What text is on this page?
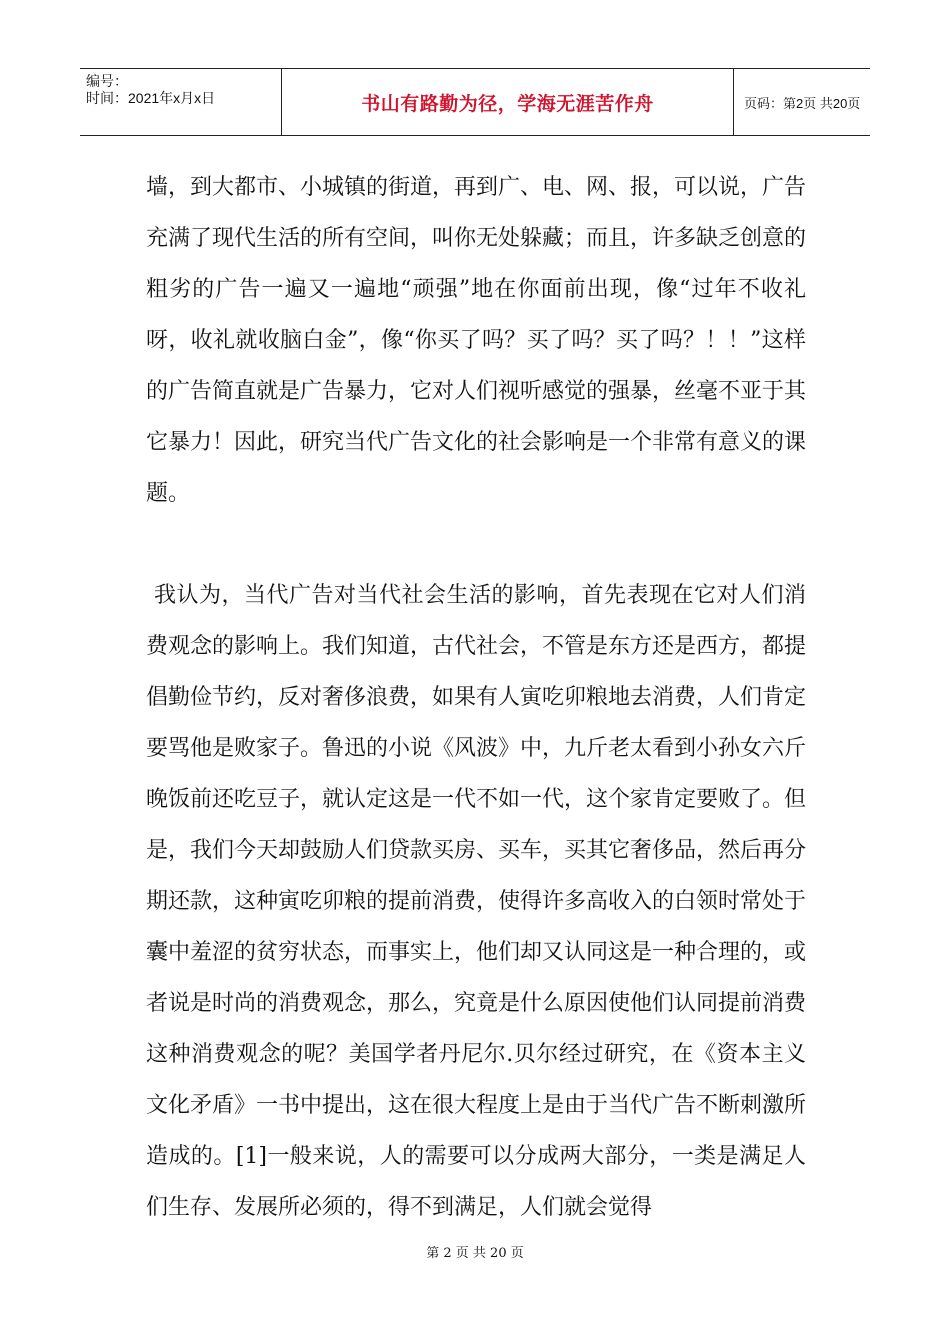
编号：
时间：2021年x月x日	书山有路勤为径，学海无涯苦作舟	页码：第2页 共20页

墙，到大都市、小城镇的街道，再到广、电、网、报，可以说，广告充满了现代生活的所有空间，叫你无处躲藏；而且，许多缺乏创意的粗劣的广告一遍又一遍地“顽强”地在你面前出现，像“过年不收礼呀，收礼就收脑白金”，像“你买了吗？买了吗？买了吗？！！”这样的广告简直就是广告暴力，它对人们视听感觉的强暴，丝毫不亚于其它暴力！因此，研究当代广告文化的社会影响是一个非常有意义的课题。

我认为，当代广告对当代社会生活的影响，首先表现在它对人们消费观念的影响上。我们知道，古代社会，不管是东方还是西方，都提倡勤俭节约，反对奢侈浪费，如果有人寅吃卯粮地去消费，人们肯定要骂他是败家子。鲁迅的小说《风波》中，九斤老太看到小孙女六斤晚饭前还吃豆子，就认定这是一代不如一代，这个家肯定要败了。但是，我们今天却鼓励人们贷款买房、买车，买其它奢侈品，然后再分期还款，这种寅吃卯粮的提前消费，使得许多高收入的白领时常处于囊中羞涩的贫穷状态，而事实上，他们却又认同这是一种合理的，或者说是时尚的消费观念，那么，究竟是什么原因使他们认同提前消费这种消费观念的呢？美国学者丹尼尔.贝尔经过研究，在《资本主义文化矛盾》一书中提出，这在很大程度上是由于当代广告不断刺激所造成的。[1]一般来说，人的需要可以分成两大部分，一类是满足人们生存、发展所必须的，得不到满足，人们就会觉得

第 2 页 共 20 页
